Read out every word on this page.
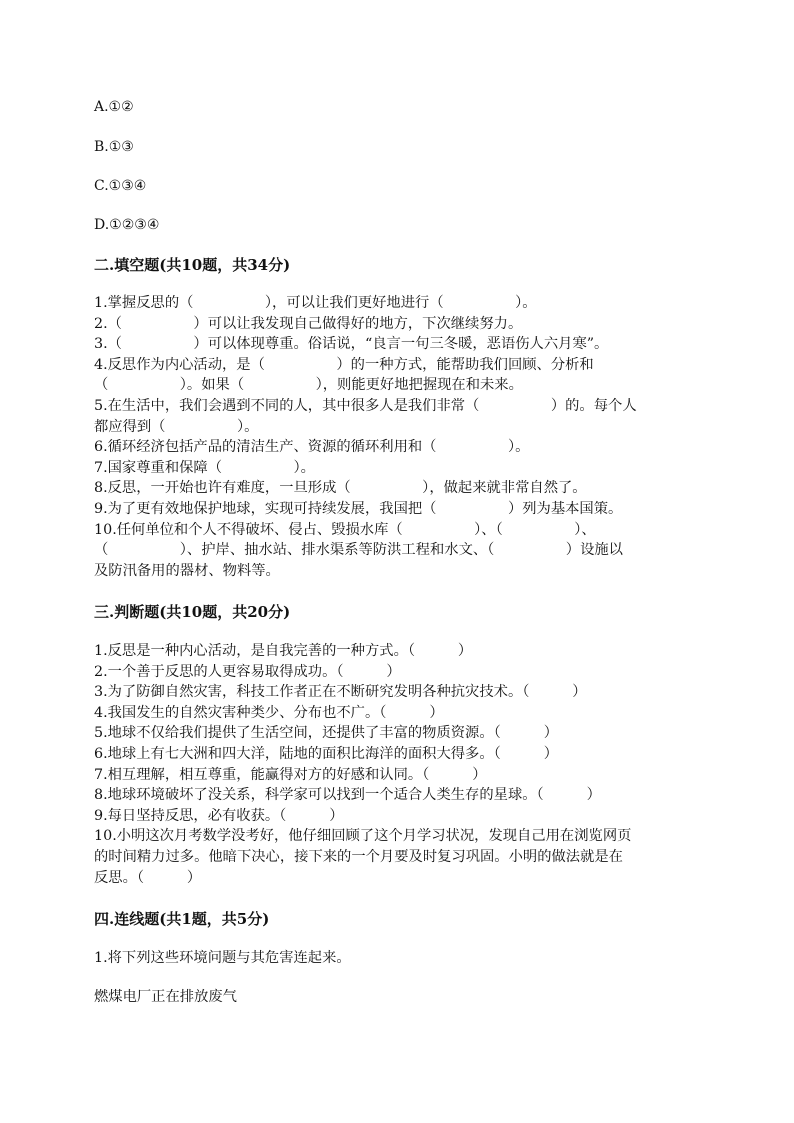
A.①②
B.①③
C.①③④
D.①②③④
二.填空题(共10题，共34分)
1.掌握反思的（　　　　　），可以让我们更好地进行（　　　　　）。
2.（　　　　　）可以让我发现自己做得好的地方，下次继续努力。
3.（　　　　　）可以体现尊重。俗话说，“良言一句三冬暖，恶语伤人六月寒”。
4.反思作为内心活动，是（　　　　　）的一种方式，能帮助我们回顾、分析和
（　　　　　）。如果（　　　　　），则能更好地把握现在和未来。
5.在生活中，我们会遇到不同的人，其中很多人是我们非常（　　　　　）的。每个人
都应得到（　　　　　）。
6.循环经济包括产品的清洁生产、资源的循环利用和（　　　　　）。
7.国家尊重和保障（　　　　　）。
8.反思，一开始也许有难度，一旦形成（　　　　　），做起来就非常自然了。
9.为了更有效地保护地球，实现可持续发展，我国把（　　　　　）列为基本国策。
10.任何单位和个人不得破坏、侵占、毁损水库（　　　　　）、（　　　　　）、
（　　　　　）、护岸、抽水站、排水渠系等防洪工程和水文、（　　　　　）设施以
及防汛备用的器材、物料等。
三.判断题(共10题，共20分)
1.反思是一种内心活动，是自我完善的一种方式。（　　　）
2.一个善于反思的人更容易取得成功。（　　　）
3.为了防御自然灾害，科技工作者正在不断研究发明各种抗灾技术。（　　　）
4.我国发生的自然灾害种类少、分布也不广。（　　　）
5.地球不仅给我们提供了生活空间，还提供了丰富的物质资源。（　　　）
6.地球上有七大洲和四大洋，陆地的面积比海洋的面积大得多。（　　　）
7.相互理解，相互尊重，能赢得对方的好感和认同。（　　　）
8.地球环境破坏了没关系，科学家可以找到一个适合人类生存的星球。（　　　）
9.每日坚持反思，必有收获。（　　　）
10.小明这次月考数学没考好，他仔细回顾了这个月学习状况，发现自己用在浏览网页
的时间精力过多。他暗下决心，接下来的一个月要及时复习巩固。小明的做法就是在
反思。（　　　）
四.连线题(共1题，共5分)
1.将下列这些环境问题与其危害连起来。
燃煤电厂正在排放废气
